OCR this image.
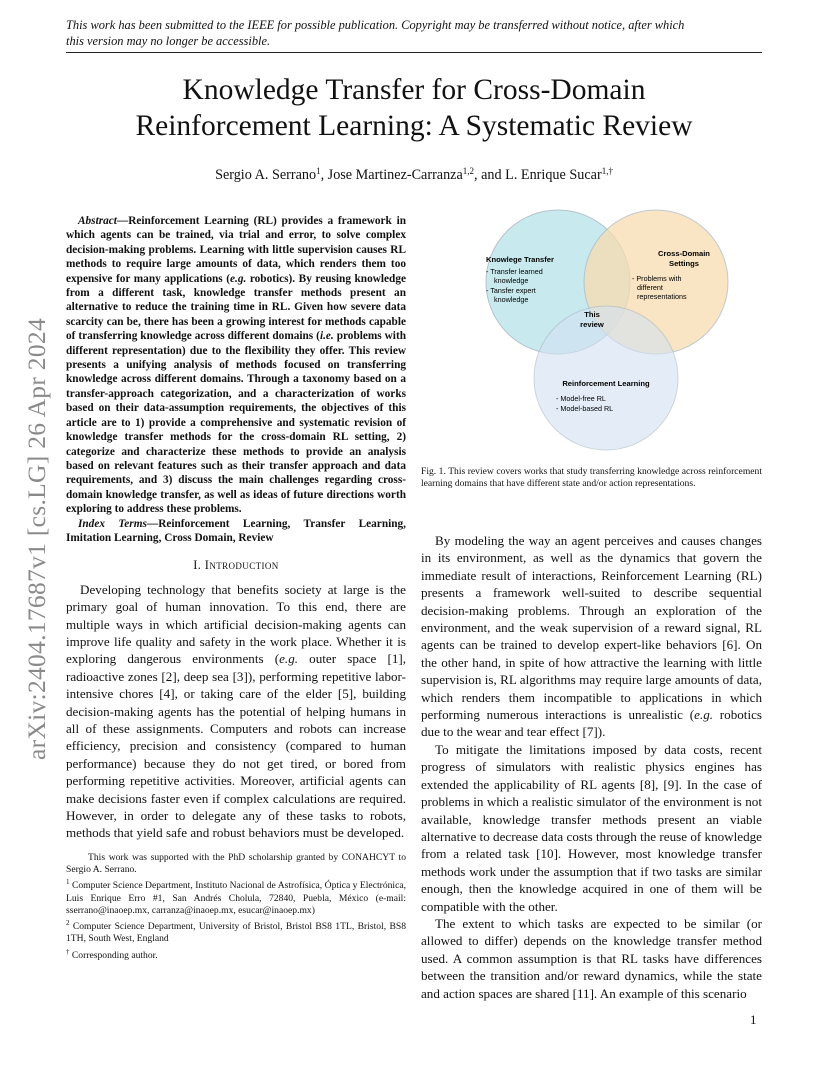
This work has been submitted to the IEEE for possible publication. Copyright may be transferred without notice, after which
this version may no longer be accessible.
Knowledge Transfer for Cross-Domain
Reinforcement Learning: A Systematic Review
Sergio A. Serrano$^1$, Jose Martinez-Carranza$^{1,2}$, and L. Enrique Sucar$^{1,\dagger}$
arXiv:2404.17687v1 [cs.LG] 26 Apr 2024

Abstract—Reinforcement Learning (RL) provides a framework in which agents can be trained, via trial and error, to solve complex decision-making problems. Learning with little supervision causes RL methods to require large amounts of data, which renders them too expensive for many applications (e.g. robotics). By reusing knowledge from a different task, knowledge transfer methods present an alternative to reduce the training time in RL. Given how severe data scarcity can be, there has been a growing interest for methods capable of transferring knowledge across different domains (i.e. problems with different representation) due to the flexibility they offer. This review presents a unifying analysis of methods focused on transferring knowledge across different domains. Through a taxonomy based on a transfer-approach categorization, and a characterization of works based on their data-assumption requirements, the objectives of this article are to 1) provide a comprehensive and systematic revision of knowledge transfer methods for the cross-domain RL setting, 2) categorize and characterize these methods to provide an analysis based on relevant features such as their transfer approach and data requirements, and 3) discuss the main challenges regarding cross-domain knowledge transfer, as well as ideas of future directions worth exploring to address these problems.

Index Terms—Reinforcement Learning, Transfer Learning, Imitation Learning, Cross Domain, Review

I. Introduction

Developing technology that benefits society at large is the primary goal of human innovation. To this end, there are multiple ways in which artificial decision-making agents can improve life quality and safety in the work place. Whether it is exploring dangerous environments (e.g. outer space [1], radioactive zones [2], deep sea [3]), performing repetitive labor-intensive chores [4], or taking care of the elder [5], building decision-making agents has the potential of helping humans in all of these assignments. Computers and robots can increase efficiency, precision and consistency (compared to human performance) because they do not get tired, or bored from performing repetitive activities. Moreover, artificial agents can make decisions faster even if complex calculations are required. However, in order to delegate any of these tasks to robots, methods that yield safe and robust behaviors must be developed.

This work was supported with the PhD scholarship granted by CONAHCYT to Sergio A. Serrano.

$^1$ Computer Science Department, Instituto Nacional de Astrofísica, Óptica y Electrónica, Luis Enrique Erro #1, San Andrés Cholula, 72840, Puebla, México (e-mail: sserrano@inaoep.mx, carranza@inaoep.mx, esucar@inaoep.mx)

$^2$ Computer Science Department, University of Bristol, Bristol BS8 1TL, Bristol, BS8 1TH, South West, England

† Corresponding author.

Knowlege Transfer
- Transfer learned
knowledge
- Tansfer expert
knowledge
Cross-Domain
Settings
- Problems with
different
representations
This
review
Reinforcement Learning
- Model-free RL
- Model-based RL
Fig. 1. This review covers works that study transferring knowledge across reinforcement learning domains that have different state and/or action representations.

By modeling the way an agent perceives and causes changes in its environment, as well as the dynamics that govern the immediate result of interactions, Reinforcement Learning (RL) presents a framework well-suited to describe sequential decision-making problems. Through an exploration of the environment, and the weak supervision of a reward signal, RL agents can be trained to develop expert-like behaviors [6]. On the other hand, in spite of how attractive the learning with little supervision is, RL algorithms may require large amounts of data, which renders them incompatible to applications in which performing numerous interactions is unrealistic (e.g. robotics due to the wear and tear effect [7]).

To mitigate the limitations imposed by data costs, recent progress of simulators with realistic physics engines has extended the applicability of RL agents [8], [9]. In the case of problems in which a realistic simulator of the environment is not available, knowledge transfer methods present an viable alternative to decrease data costs through the reuse of knowledge from a related task [10]. However, most knowledge transfer methods work under the assumption that if two tasks are similar enough, then the knowledge acquired in one of them will be compatible with the other.

The extent to which tasks are expected to be similar (or allowed to differ) depends on the knowledge transfer method used. A common assumption is that RL tasks have differences between the transition and/or reward dynamics, while the state and action spaces are shared [11]. An example of this scenario

1
